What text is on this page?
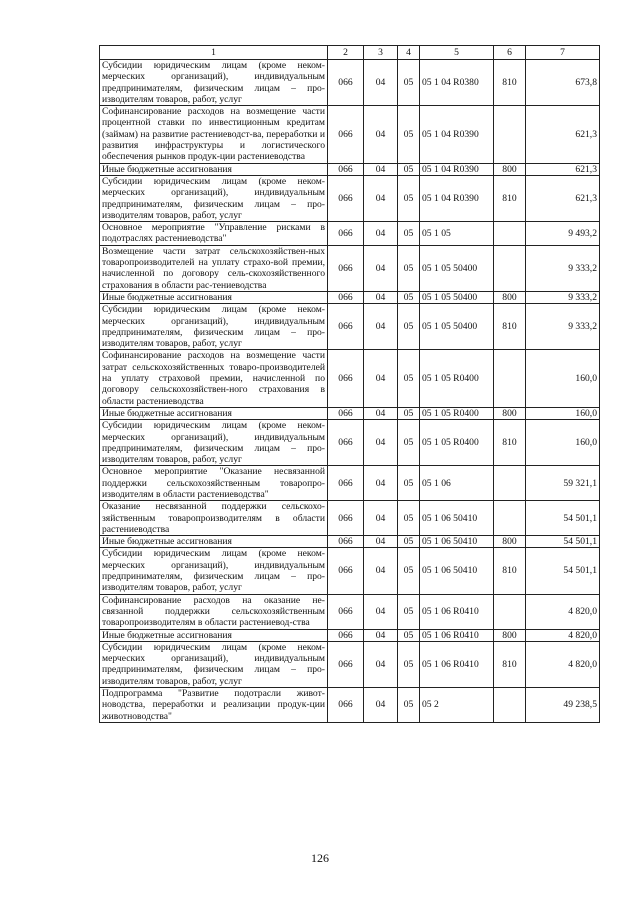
1	2	3	4	5	6	7
Субсидии юридическим лицам (кроме неком-мерческих организаций), индивидуальным предпринимателям, физическим лицам – про-изводителям товаров, работ, услуг	066	04	05	05 1 04 R0380	810	673,8
Софинансирование расходов на возмещение части процентной ставки по инвестиционным кредитам (займам) на развитие растениеводст-ва, переработки и развития инфраструктуры и логистического обеспечения рынков продук-ции растениеводства	066	04	05	05 1 04 R0390		621,3
Иные бюджетные ассигнования	066	04	05	05 1 04 R0390	800	621,3
Субсидии юридическим лицам (кроме неком-мерческих организаций), индивидуальным предпринимателям, физическим лицам – про-изводителям товаров, работ, услуг	066	04	05	05 1 04 R0390	810	621,3
Основное мероприятие "Управление рисками в подотраслях растениеводства"	066	04	05	05 1 05		9 493,2
Возмещение части затрат сельскохозяйствен-ных товаропроизводителей на уплату страхо-вой премии, начисленной по договору сель-скохозяйственного страхования в области рас-тениеводства	066	04	05	05 1 05 50400		9 333,2
Иные бюджетные ассигнования	066	04	05	05 1 05 50400	800	9 333,2
Субсидии юридическим лицам (кроме неком-мерческих организаций), индивидуальным предпринимателям, физическим лицам – про-изводителям товаров, работ, услуг	066	04	05	05 1 05 50400	810	9 333,2
Софинансирование расходов на возмещение части затрат сельскохозяйственных товаро-производителей на уплату страховой премии, начисленной по договору сельскохозяйствен-ного страхования в области растениеводства	066	04	05	05 1 05 R0400		160,0
Иные бюджетные ассигнования	066	04	05	05 1 05 R0400	800	160,0
Субсидии юридическим лицам (кроме неком-мерческих организаций), индивидуальным предпринимателям, физическим лицам – про-изводителям товаров, работ, услуг	066	04	05	05 1 05 R0400	810	160,0
Основное мероприятие "Оказание несвязанной поддержки сельскохозяйственным товаропро-изводителям в области растениеводства"	066	04	05	05 1 06		59 321,1
Оказание несвязанной поддержки сельскохо-зяйственным товаропроизводителям в области растениеводства	066	04	05	05 1 06 50410		54 501,1
Иные бюджетные ассигнования	066	04	05	05 1 06 50410	800	54 501,1
Субсидии юридическим лицам (кроме неком-мерческих организаций), индивидуальным предпринимателям, физическим лицам – про-изводителям товаров, работ, услуг	066	04	05	05 1 06 50410	810	54 501,1
Софинансирование расходов на оказание не-связанной поддержки сельскохозяйственным товаропроизводителям в области растениевод-ства	066	04	05	05 1 06 R0410		4 820,0
Иные бюджетные ассигнования	066	04	05	05 1 06 R0410	800	4 820,0
Субсидии юридическим лицам (кроме неком-мерческих организаций), индивидуальным предпринимателям, физическим лицам – про-изводителям товаров, работ, услуг	066	04	05	05 1 06 R0410	810	4 820,0
Подпрограмма "Развитие подотрасли живот-новодства, переработки и реализации продук-ции животноводства"	066	04	05	05 2		49 238,5
126
